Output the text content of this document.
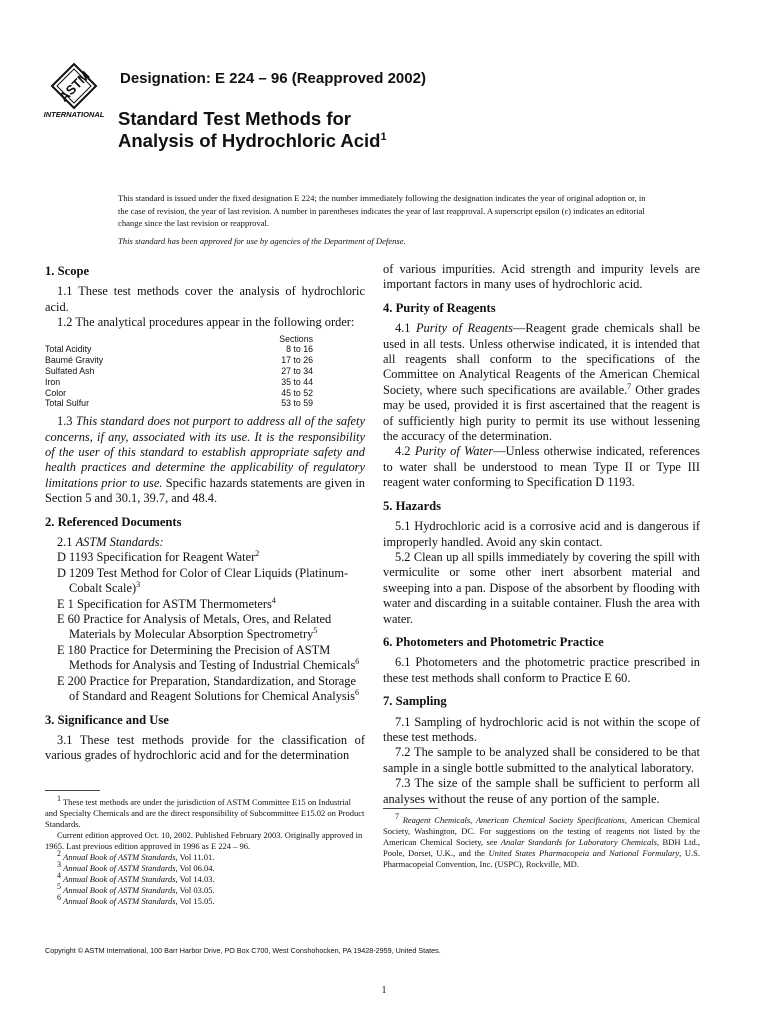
ASTM
INTERNATIONAL
Designation: E 224 – 96 (Reapproved 2002)
Standard Test Methods for
Analysis of Hydrochloric Acid$^1$

This standard is issued under the fixed designation E 224; the number immediately following the designation indicates the year of original adoption or, in the case of revision, the year of last revision. A number in parentheses indicates the year of last reapproval. A superscript epsilon (ε) indicates an editorial change since the last revision or reapproval.

This standard has been approved for use by agencies of the Department of Defense.

1. Scope

1.1 These test methods cover the analysis of hydrochloric acid.

1.2 The analytical procedures appear in the following order:

	Sections
Total Acidity	8 to 16
Baumé Gravity	17 to 26
Sulfated Ash	27 to 34
Iron	35 to 44
Color	45 to 52
Total Sulfur	53 to 59

1.3 This standard does not purport to address all of the safety concerns, if any, associated with its use. It is the responsibility of the user of this standard to establish appropriate safety and health practices and determine the applicability of regulatory limitations prior to use. Specific hazards statements are given in Section 5 and 30.1, 39.7, and 48.4.

2. Referenced Documents

2.1 ASTM Standards:

D 1193 Specification for Reagent Water$^2$

D 1209 Test Method for Color of Clear Liquids (Platinum-Cobalt Scale)$^3$

E 1 Specification for ASTM Thermometers$^4$

E 60 Practice for Analysis of Metals, Ores, and Related Materials by Molecular Absorption Spectrometry$^5$

E 180 Practice for Determining the Precision of ASTM Methods for Analysis and Testing of Industrial Chemicals$^6$

E 200 Practice for Preparation, Standardization, and Storage of Standard and Reagent Solutions for Chemical Analysis$^6$

3. Significance and Use

3.1 These test methods provide for the classification of various grades of hydrochloric acid and for the determination

of various impurities. Acid strength and impurity levels are important factors in many uses of hydrochloric acid.

4. Purity of Reagents

4.1 Purity of Reagents—Reagent grade chemicals shall be used in all tests. Unless otherwise indicated, it is intended that all reagents shall conform to the specifications of the Committee on Analytical Reagents of the American Chemical Society, where such specifications are available.$^7$ Other grades may be used, provided it is first ascertained that the reagent is of sufficiently high purity to permit its use without lessening the accuracy of the determination.

4.2 Purity of Water—Unless otherwise indicated, references to water shall be understood to mean Type II or Type III reagent water conforming to Specification D 1193.

5. Hazards

5.1 Hydrochloric acid is a corrosive acid and is dangerous if improperly handled. Avoid any skin contact.

5.2 Clean up all spills immediately by covering the spill with vermiculite or some other inert absorbent material and sweeping into a pan. Dispose of the absorbent by flooding with water and discarding in a suitable container. Flush the area with water.

6. Photometers and Photometric Practice

6.1 Photometers and the photometric practice prescribed in these test methods shall conform to Practice E 60.

7. Sampling

7.1 Sampling of hydrochloric acid is not within the scope of these test methods.

7.2 The sample to be analyzed shall be considered to be that sample in a single bottle submitted to the analytical laboratory.

7.3 The size of the sample shall be sufficient to perform all analyses without the reuse of any portion of the sample.

$^1$ These test methods are under the jurisdiction of ASTM Committee E15 on Industrial and Specialty Chemicals and are the direct responsibility of Subcommittee E15.02 on Product Standards.

Current edition approved Oct. 10, 2002. Published February 2003. Originally approved in 1965. Last previous edition approved in 1996 as E 224 – 96.

$^2$ Annual Book of ASTM Standards, Vol 11.01.

$^3$ Annual Book of ASTM Standards, Vol 06.04.

$^4$ Annual Book of ASTM Standards, Vol 14.03.

$^5$ Annual Book of ASTM Standards, Vol 03.05.

$^6$ Annual Book of ASTM Standards, Vol 15.05.

$^7$ Reagent Chemicals, American Chemical Society Specifications, American Chemical Society, Washington, DC. For suggestions on the testing of reagents not listed by the American Chemical Society, see Analar Standards for Laboratory Chemicals, BDH Ltd., Poole, Dorset, U.K., and the United States Pharmacopeia and National Formulary, U.S. Pharmacopeial Convention, Inc. (USPC), Rockville, MD.

Copyright © ASTM International, 100 Barr Harbor Drive, PO Box C700, West Conshohocken, PA 19428-2959, United States.
1
